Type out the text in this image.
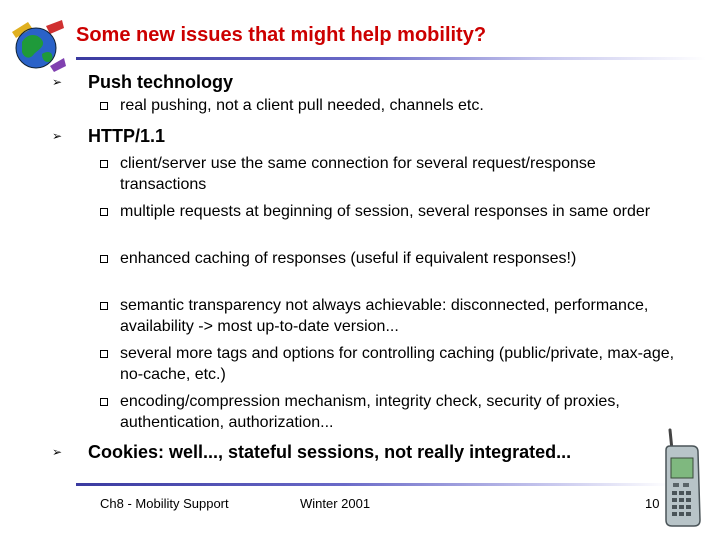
Some new issues that might help mobility?
➢ Push technology
real pushing, not a client pull needed, channels etc.
➢ HTTP/1.1
client/server use the same connection for several request/response transactions
multiple requests at beginning of session, several responses in same order
enhanced caching of responses (useful if equivalent responses!)
semantic transparency not always achievable: disconnected, performance, availability -> most up-to-date version...
several more tags and options for controlling caching (public/private, max-age, no-cache, etc.)
encoding/compression mechanism, integrity check, security of proxies, authentication, authorization...
➢ Cookies: well..., stateful sessions, not really integrated...
Ch8 - Mobility Support	Winter 2001	10
